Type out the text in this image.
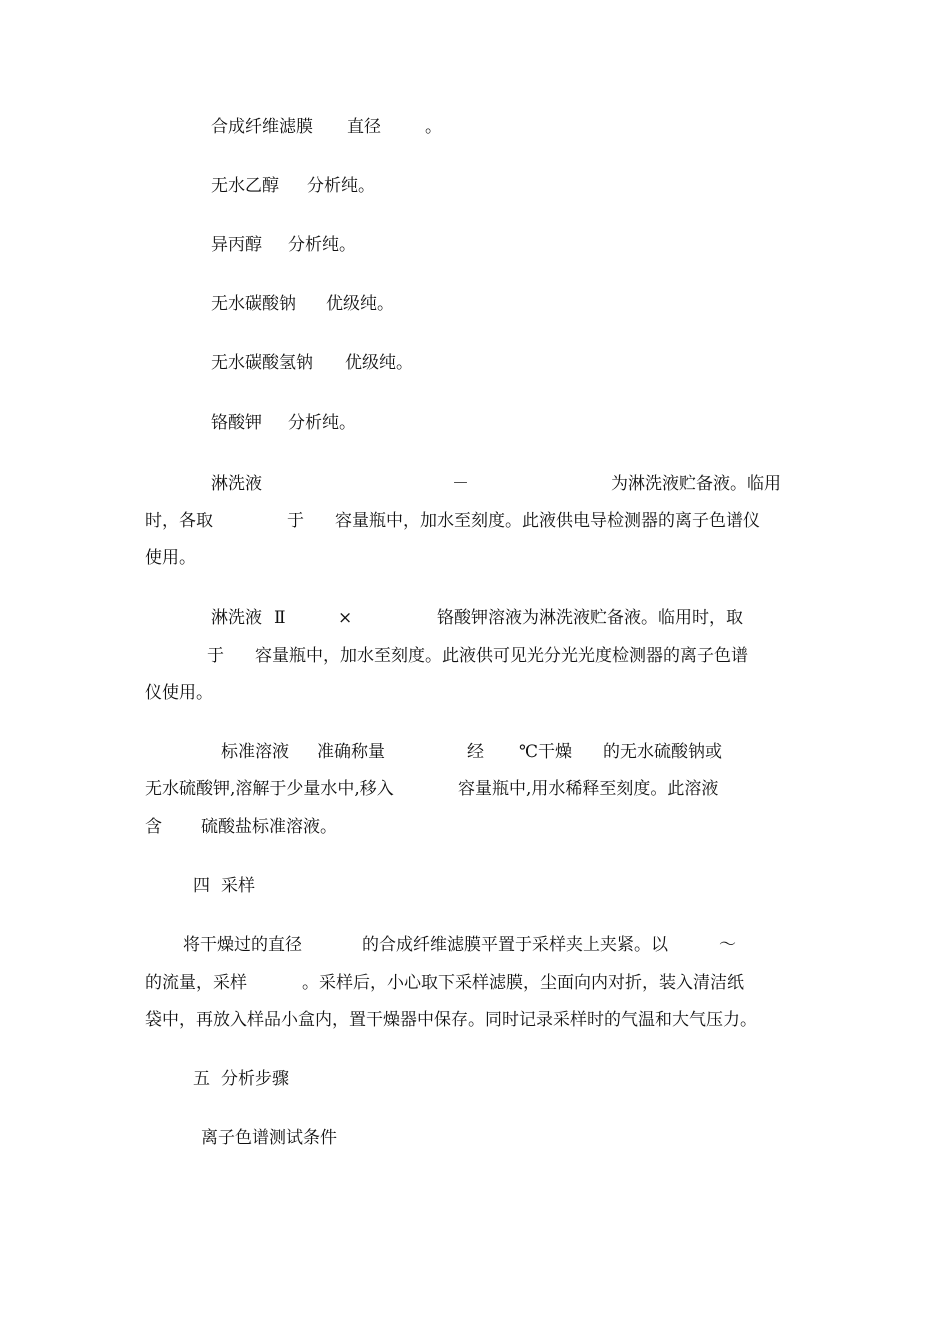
合成纤维滤膜 直径	。
无水乙醇 分析纯。
异丙醇 分析纯。
无水碳酸钠 优级纯。
无水碳酸氢钠 优级纯。
铬酸钾 分析纯。
淋洗液	－	为淋洗液贮备液。临用
时，各取	于 容量瓶中，加水至刻度。此液供电导检测器的离子色谱仪
使用。
淋洗液 Ⅱ	×	铬酸钾溶液为淋洗液贮备液。临用时，取
于 容量瓶中，加水至刻度。此液供可见光分光光度检测器的离子色谱
仪使用。
标准溶液 准确称量	经 ℃干燥 的无水硫酸钠或
无水硫酸钾,溶解于少量水中,移入	容量瓶中,用水稀释至刻度。此溶液
含 硫酸盐标准溶液。
四 采样
将干燥过的直径	的合成纤维滤膜平置于采样夹上夹紧。以	～
的流量，采样	。采样后，小心取下采样滤膜，尘面向内对折，装入清洁纸
袋中，再放入样品小盒内，置干燥器中保存。同时记录采样时的气温和大气压力。
五 分析步骤
离子色谱测试条件
